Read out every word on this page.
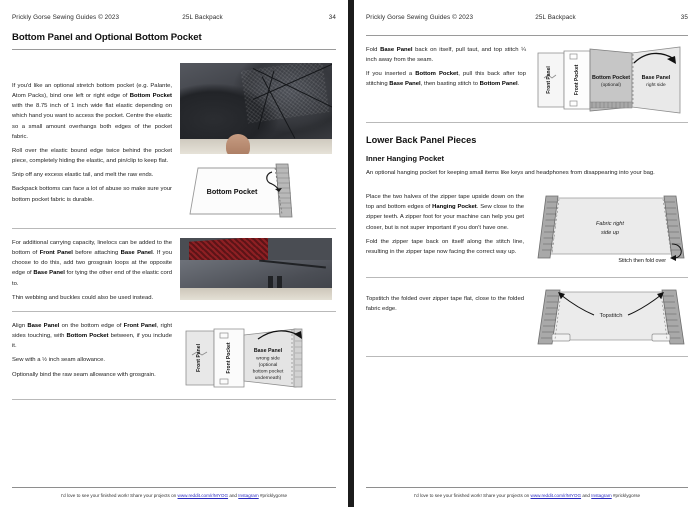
Prickly Gorse Sewing Guides © 2023	25L Backpack	34
Bottom Panel and Optional Bottom Pocket

If you'd like an optional stretch bottom pocket (e.g. Palante, Atom Packs), bind one left or right edge of Bottom Pocket with the 8.75 inch of 1 inch wide flat elastic depending on which hand you want to access the pocket. Centre the elastic so a small amount overhangs both edges of the pocket fabric.

Roll over the elastic bound edge twice behind the pocket piece, completely hiding the elastic, and pin/clip to keep flat.

Snip off any excess elastic tail, and melt the raw ends.

Backpack bottoms can face a lot of abuse so make sure your bottom pocket fabric is durable.

Bottom Pocket

For additional carrying capacity, linelocs can be added to the bottom of Front Panel before attaching Base Panel. If you choose to do this, add two grosgrain loops at the opposite edge of Base Panel for tying the other end of the elastic cord to.

Thin webbing and buckles could also be used instead.

Align Base Panel on the bottom edge of Front Panel, right sides touching, with Bottom Pocket between, if you include it.

Sew with a ½ inch seam allowance.

Optionally bind the raw seam allowance with grosgrain.

Front Panel	Front Pocket	Base Panel
wrong side
(optional
bottom pocket
underneath)
I'd love to see your finished work! Share your projects on www.reddit.com/r/MYOG and Instagram #pricklygorse
Prickly Gorse Sewing Guides © 2023	25L Backpack	35

Fold Base Panel back on itself, pull taut, and top stitch ¼ inch away from the seam.

If you inserted a Bottom Pocket, pull this back after top stitching Base Panel, then basting stitch to Bottom Panel.	Front Panel	Front Pocket Bottom Pocket
(optional)
Base Panel
right side
Lower Back Panel Pieces
Inner Hanging Pocket
An optional hanging pocket for keeping small items like keys and headphones from disappearing into your bag.

Place the two halves of the zipper tape upside down on the top and bottom edges of Hanging Pocket. Sew close to the zipper teeth. A zipper foot for your machine can help you get closer, but is not super important if you don't have one.

Fold the zipper tape back on itself along the stitch line, resulting in the zipper tape now facing the correct way up.

Fabric right
side up
Stitch then fold over

Topstitch the folded over zipper tape flat, close to the folded fabric edge.

Topstitch
I'd love to see your finished work! Share your projects on www.reddit.com/r/MYOG and Instagram #pricklygorse
